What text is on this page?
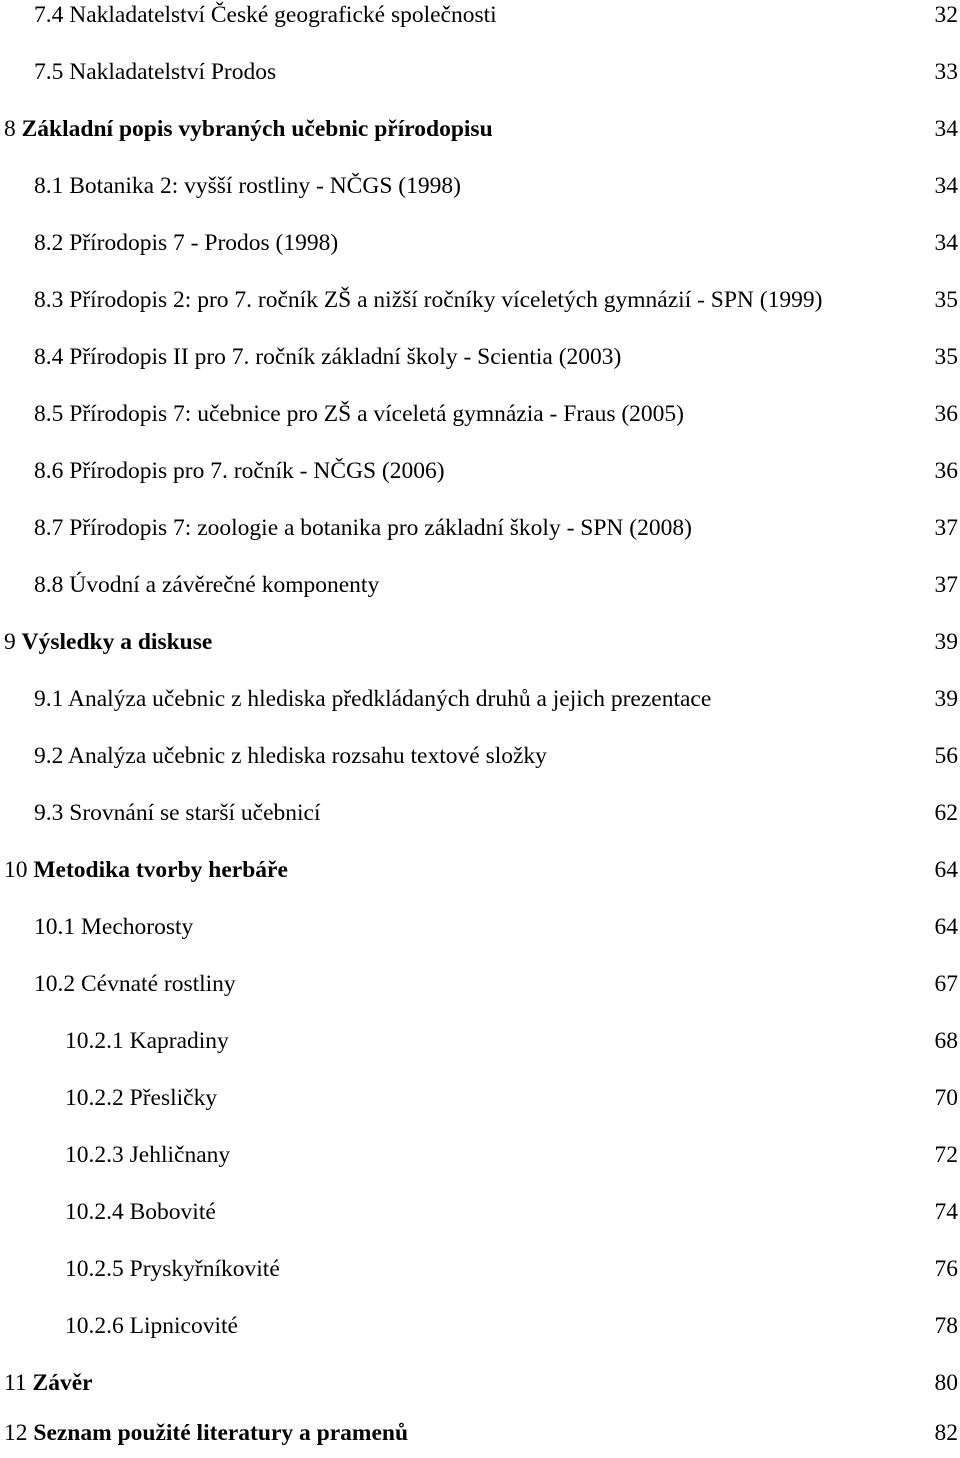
7.4 Nakladatelství České geografické společnosti	32
7.5 Nakladatelství Prodos	33
8 Základní popis vybraných učebnic přírodopisu	34
8.1 Botanika 2: vyšší rostliny - NČGS (1998)	34
8.2 Přírodopis 7 - Prodos (1998)	34
8.3 Přírodopis 2: pro 7. ročník ZŠ a nižší ročníky víceletých gymnázií - SPN (1999)	35
8.4 Přírodopis II pro 7. ročník základní školy - Scientia (2003)	35
8.5 Přírodopis 7: učebnice pro ZŠ a víceletá gymnázia - Fraus (2005)	36
8.6 Přírodopis pro 7. ročník - NČGS (2006)	36
8.7 Přírodopis 7: zoologie a botanika pro základní školy - SPN (2008)	37
8.8 Úvodní a závěrečné komponenty	37
9 Výsledky a diskuse	39
9.1 Analýza učebnic z hlediska předkládaných druhů a jejich prezentace	39
9.2 Analýza učebnic z hlediska rozsahu textové složky	56
9.3 Srovnání se starší učebnicí	62
10 Metodika tvorby herbáře	64
10.1 Mechorosty	64
10.2 Cévnaté rostliny	67
10.2.1 Kapradiny	68
10.2.2 Přesličky	70
10.2.3 Jehličnany	72
10.2.4 Bobovité	74
10.2.5 Pryskyřníkovité	76
10.2.6 Lipnicovité	78
11 Závěr	80
12 Seznam použité literatury a pramenů	82
